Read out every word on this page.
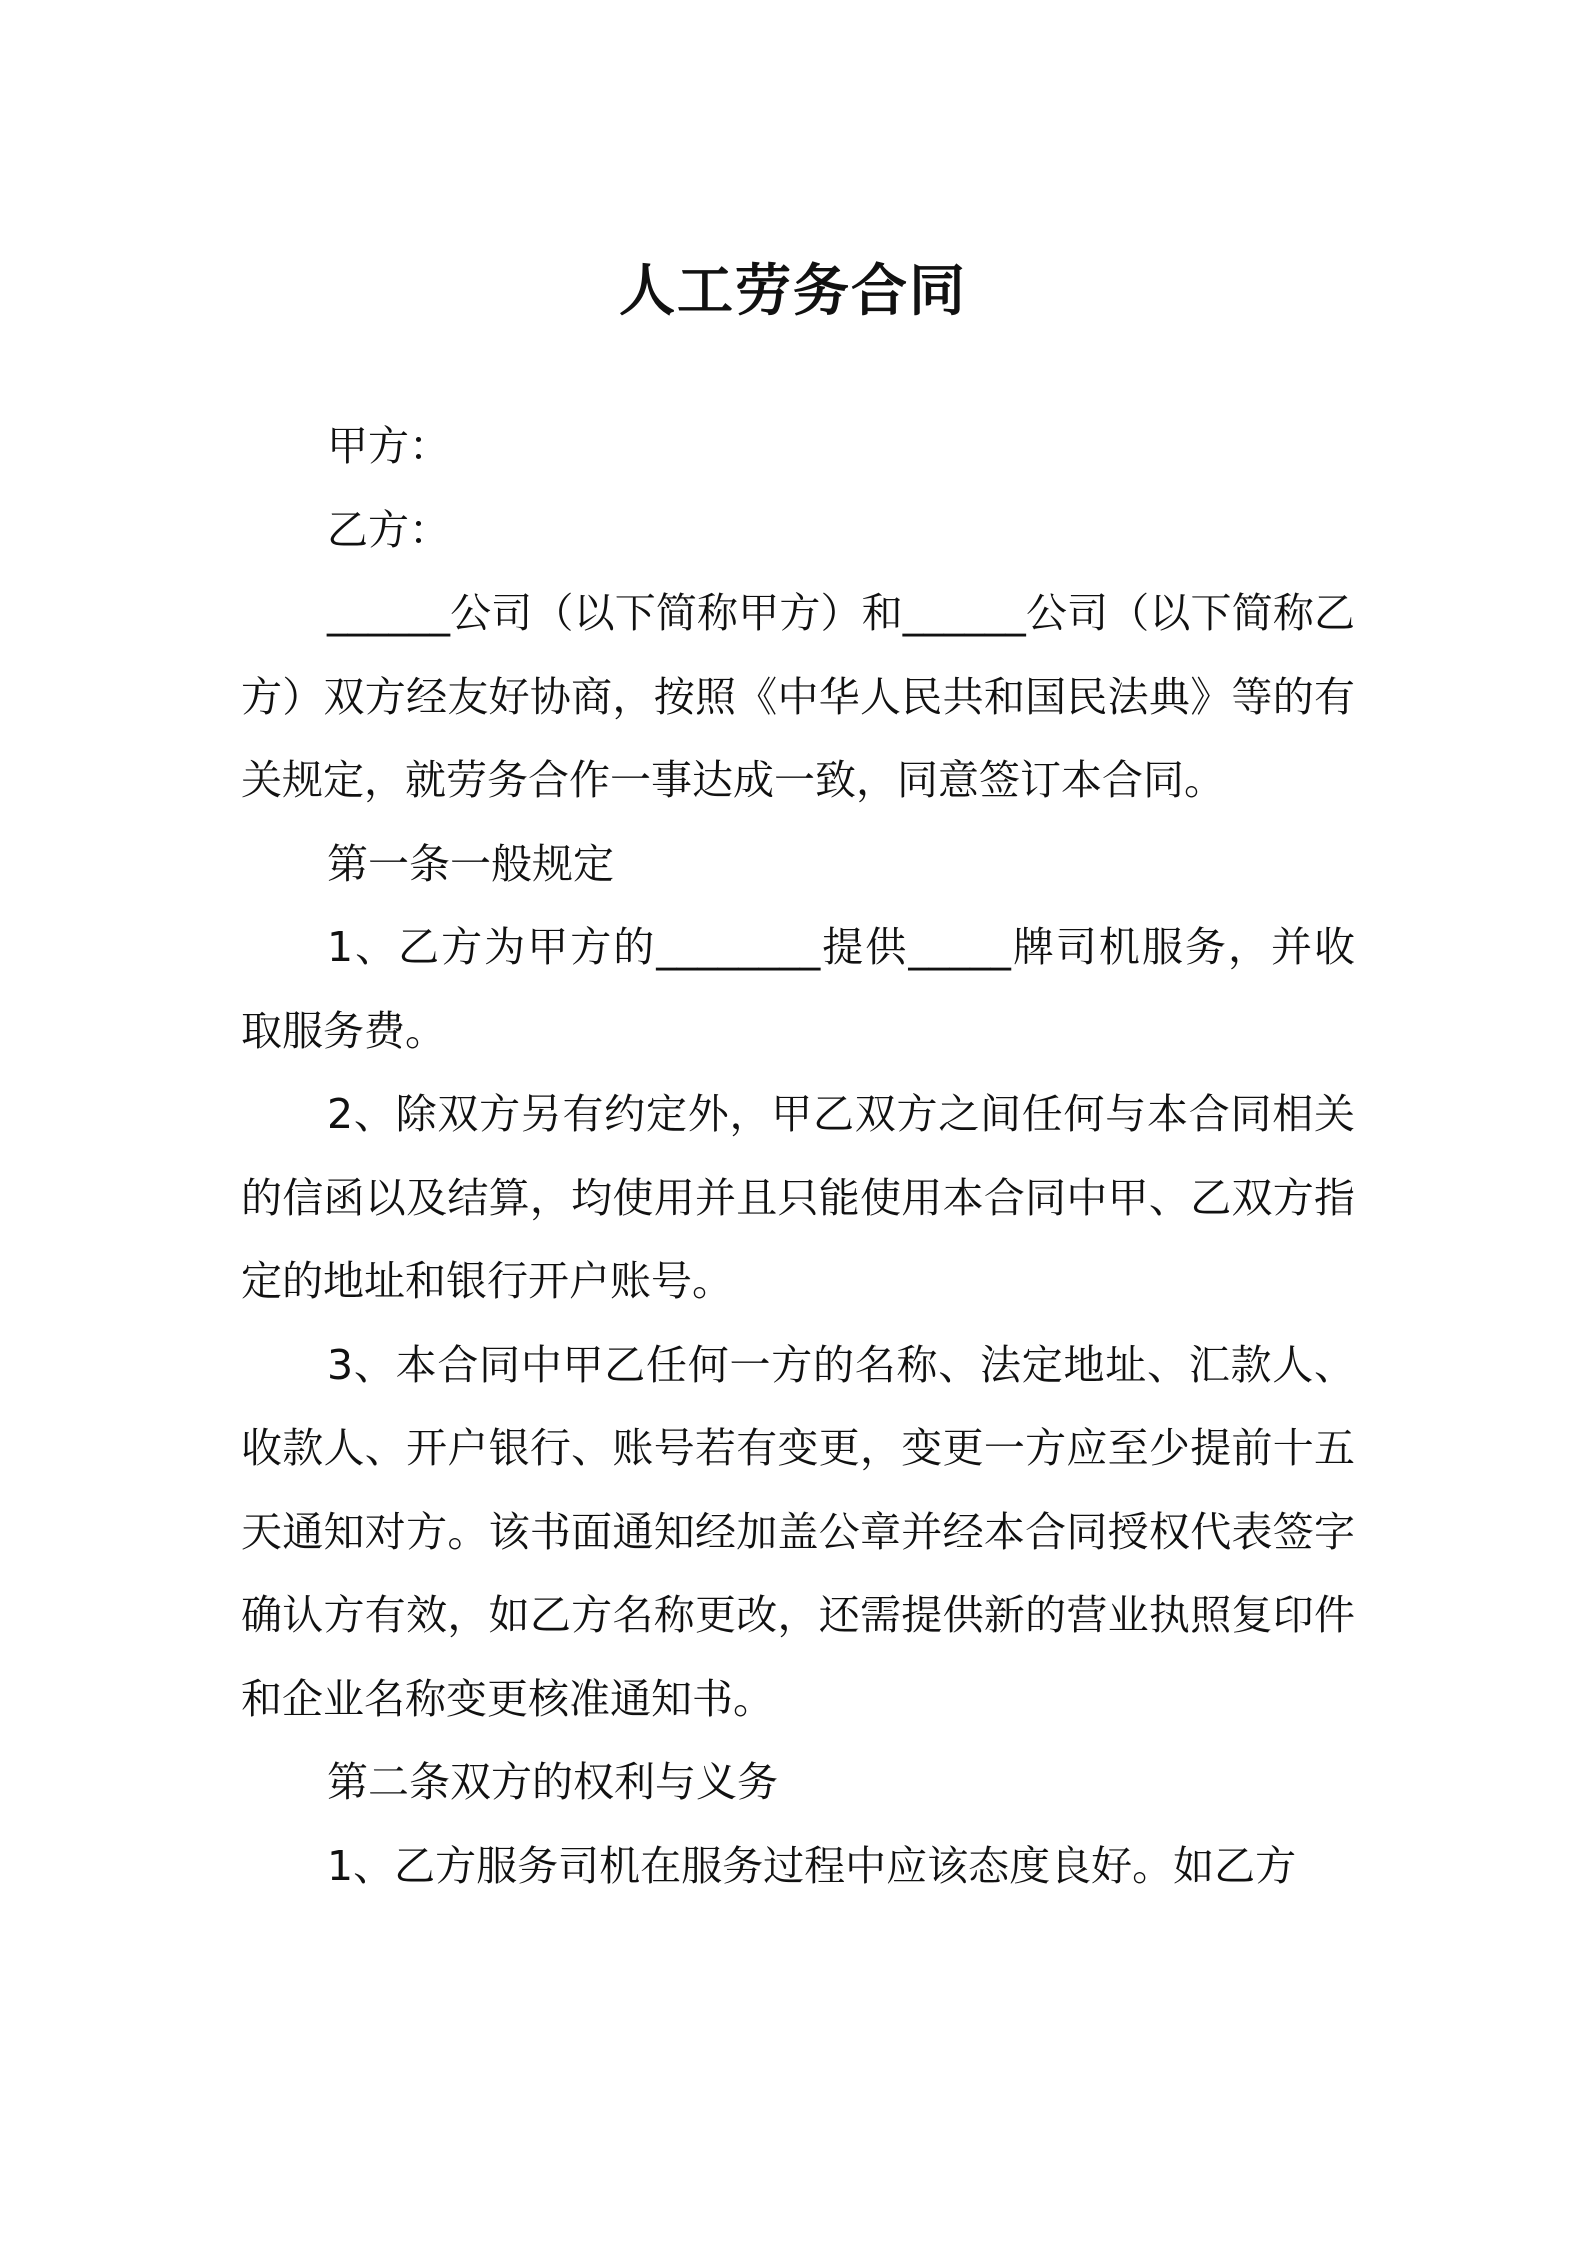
人工劳务合同

甲方：

乙方：

______公司（以下简称甲方）和______公司（以下简称乙方）双方经友好协商，按照《中华人民共和国民法典》等的有关规定，就劳务合作一事达成一致，同意签订本合同。

第一条一般规定

1、乙方为甲方的________提供_____牌司机服务，并收取服务费。

2、除双方另有约定外，甲乙双方之间任何与本合同相关的信函以及结算，均使用并且只能使用本合同中甲、乙双方指定的地址和银行开户账号。

3、本合同中甲乙任何一方的名称、法定地址、汇款人、收款人、开户银行、账号若有变更，变更一方应至少提前十五天通知对方。该书面通知经加盖公章并经本合同授权代表签字确认方有效，如乙方名称更改，还需提供新的营业执照复印件和企业名称变更核准通知书。

第二条双方的权利与义务

1、乙方服务司机在服务过程中应该态度良好。如乙方
